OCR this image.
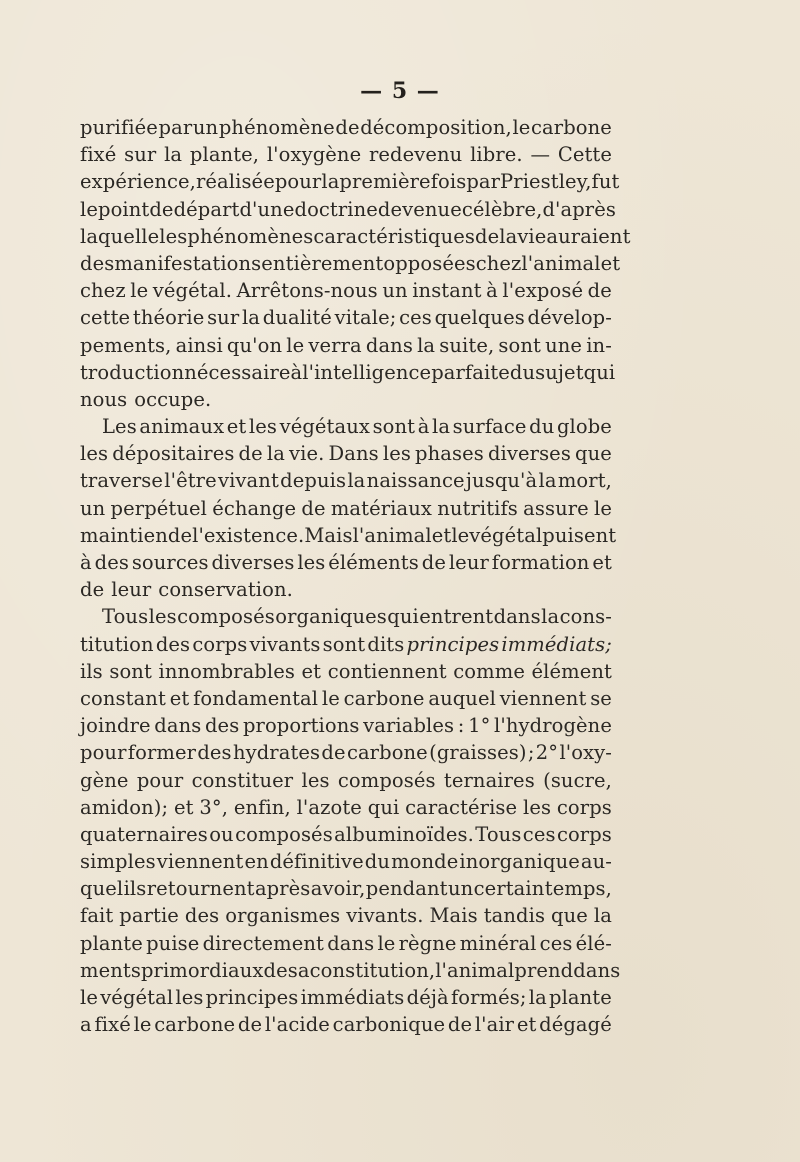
— 5 —
purifiée par un phénomène de décomposition, le carbone
fixé sur la plante, l'oxygène redevenu libre. — Cette
expérience, réalisée pour la première fois par Priestley, fut
le point de départ d'une doctrine devenue célèbre, d'après
laquelle les phénomènes caractéristiques de la vie auraient
des manifestations entièrement opposées chez l'animal et
chez le végétal. Arrêtons-nous un instant à l'exposé de
cette théorie sur la dualité vitale; ces quelques dévelop-
pements, ainsi qu'on le verra dans la suite, sont une in-
troduction nécessaire à l'intelligence parfaite du sujet qui
nous occupe.
Les animaux et les végétaux sont à la surface du globe
les dépositaires de la vie. Dans les phases diverses que
traverse l'être vivant depuis la naissance jusqu'à la mort,
un perpétuel échange de matériaux nutritifs assure le
maintien de l'existence. Mais l'animal et le végétal puisent
à des sources diverses les éléments de leur formation et
de leur conservation.
Tous les composés organiques qui entrent dans la cons-
titution des corps vivants sont dits principes immédiats;
ils sont innombrables et contiennent comme élément
constant et fondamental le carbone auquel viennent se
joindre dans des proportions variables : 1° l'hydrogène
pour former des hydrates de carbone (graisses) ; 2° l'oxy-
gène pour constituer les composés ternaires (sucre,
amidon); et 3°, enfin, l'azote qui caractérise les corps
quaternaires ou composés albuminoïdes. Tous ces corps
simples viennent en définitive du monde inorganique au-
quel ils retournent après avoir, pendant un certain temps,
fait partie des organismes vivants. Mais tandis que la
plante puise directement dans le règne minéral ces élé-
ments primordiaux de sa constitution, l'animal prend dans
le végétal les principes immédiats déjà formés; la plante
a fixé le carbone de l'acide carbonique de l'air et dégagé
